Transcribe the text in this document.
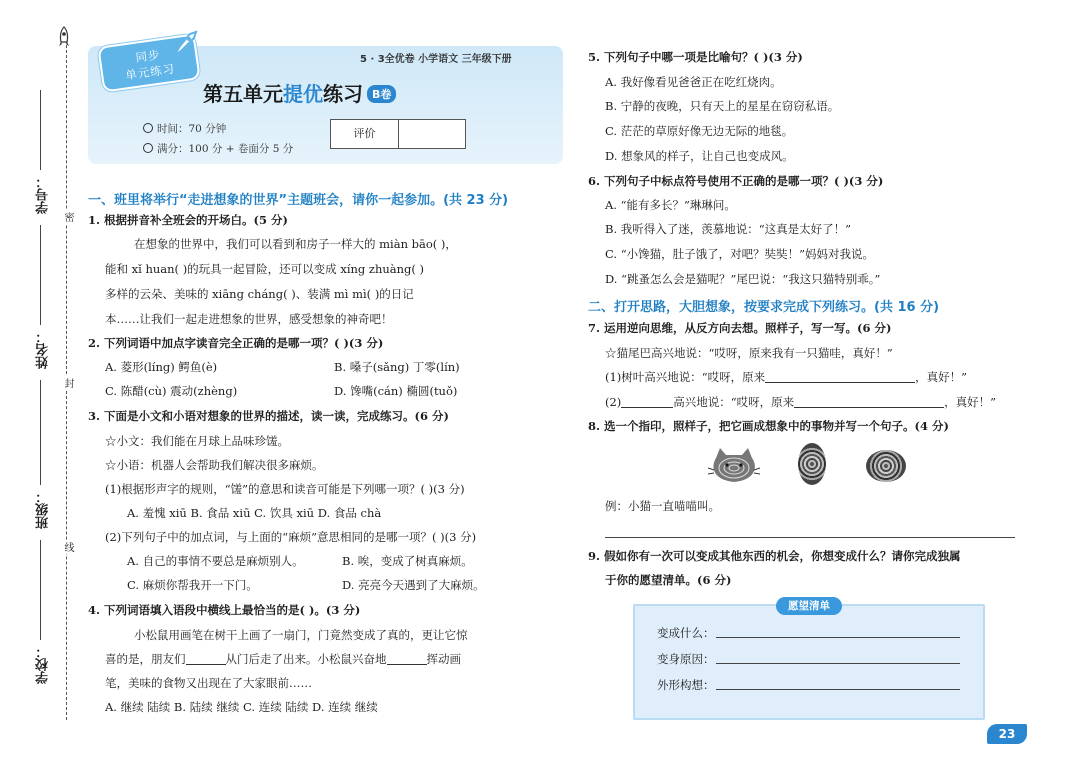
学号：
姓名：
班级：
学校：
密
封
线
同步
单元练习
5 · 3全优卷 小学语文 三年级下册
第五单元提优练习 B卷
时间：70 分钟
满分：100 分 + 卷面分 5 分
评价
一、班里将举行“走进想象的世界”主题班会，请你一起参加。(共 23 分)
1. 根据拼音补全班会的开场白。(5 分)
在想象的世界中，我们可以看到和房子一样大的 miàn bāo( )，
能和 xǐ huan( )的玩具一起冒险，还可以变成 xíng zhuàng( )
多样的云朵、美味的 xiāng cháng( )、装满 mì mì( )的日记
本……让我们一起走进想象的世界，感受想象的神奇吧！
2. 下列词语中加点字读音完全正确的是哪一项？( )(3 分)
A. 菱形(líng) 鳄鱼(è)	B. 嗓子(sǎng) 丁零(lín)
C. 陈醋(cù) 震动(zhèng)	D. 馋嘴(cán) 椭圆(tuǒ)
3. 下面是小文和小语对想象的世界的描述，读一读，完成练习。(6 分)
☆小文：我们能在月球上品味珍馐。
☆小语：机器人会帮助我们解决很多麻烦。
(1)根据形声字的规则，“馐”的意思和读音可能是下列哪一项？( )(3 分)
A. 羞愧 xiū B. 食品 xiū C. 饮具 xiū D. 食品 chà
(2)下列句子中的加点词，与上面的“麻烦”意思相同的是哪一项？( )(3 分)
A. 自己的事情不要总是麻烦别人。	B. 唉，变成了树真麻烦。
C. 麻烦你帮我开一下门。	D. 亮亮今天遇到了大麻烦。
4. 下列词语填入语段中横线上最恰当的是( )。(3 分)
小松鼠用画笔在树干上画了一扇门，门竟然变成了真的，更让它惊
喜的是，朋友们	从门后走了出来。小松鼠兴奋地	挥动画
笔，美味的食物又出现在了大家眼前……
A. 继续 陆续 B. 陆续 继续 C. 连续 陆续 D. 连续 继续
5. 下列句子中哪一项是比喻句？( )(3 分)
A. 我好像看见爸爸正在吃红烧肉。
B. 宁静的夜晚，只有天上的星星在窃窃私语。
C. 茫茫的草原好像无边无际的地毯。
D. 想象风的样子，让自己也变成风。
6. 下列句子中标点符号使用不正确的是哪一项？( )(3 分)
A. “能有多长？”琳琳问。
B. 我听得入了迷，羡慕地说：“这真是太好了！”
C. “小馋猫，肚子饿了，对吧？奘奘！”妈妈对我说。
D. “跳蚤怎么会是猫呢？”尾巴说：“我这只猫特别乖。”
二、打开思路，大胆想象，按要求完成下列练习。(共 16 分)
7. 运用逆向思维，从反方向去想。照样子，写一写。(6 分)
☆猫尾巴高兴地说：“哎呀，原来我有一只猫哇，真好！”
(1)树叶高兴地说：“哎呀，原来	，真好！”
(2)	高兴地说：“哎呀，原来	，真好！”
8. 选一个指印，照样子，把它画成想象中的事物并写一个句子。(4 分)
例：小猫一直喵喵叫。
9. 假如你有一次可以变成其他东西的机会，你想变成什么？请你完成独属
于你的愿望清单。(6 分)
愿望清单
变成什么：
变身原因：
外形构想：
23
